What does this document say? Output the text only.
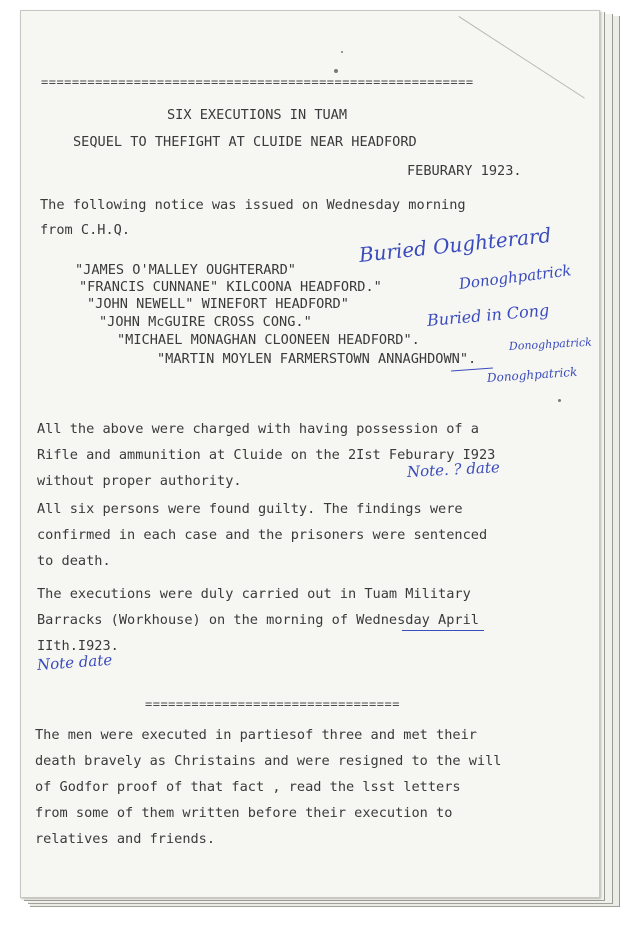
========================================================
SIX EXECUTIONS IN TUAM
SEQUEL TO THEFIGHT AT CLUIDE NEAR HEADFORD
FEBURARY 1923.
The following notice was issued on Wednesday morning
from C.H.Q.
"JAMES O'MALLEY OUGHTERARD"
"FRANCIS CUNNANE" KILCOONA HEADFORD."
"JOHN NEWELL" WINEFORT HEADFORD"
"JOHN McGUIRE CROSS CONG."
"MICHAEL MONAGHAN CLOONEEN HEADFORD".
"MARTIN MOYLEN FARMERSTOWN ANNAGHDOWN".
Buried Oughterard
Donoghpatrick
Buried in Cong
Donoghpatrick
Donoghpatrick
All the above were charged with having possession of a
Rifle and ammunition at Cluide on the 2Ist Feburary I923
without proper authority.
Note. ? date
All six persons were found guilty. The findings were
confirmed in each case and the prisoners were sentenced
to death.
The executions were duly carried out in Tuam Military
Barracks (Workhouse) on the morning of Wednesday April
IIth.I923.
Note date
=================================
The men were executed in partiesof three and met their
death bravely as Christains and were resigned to the will
of Godfor proof of that fact , read the lsst letters
from some of them written before their execution to
relatives and friends.
